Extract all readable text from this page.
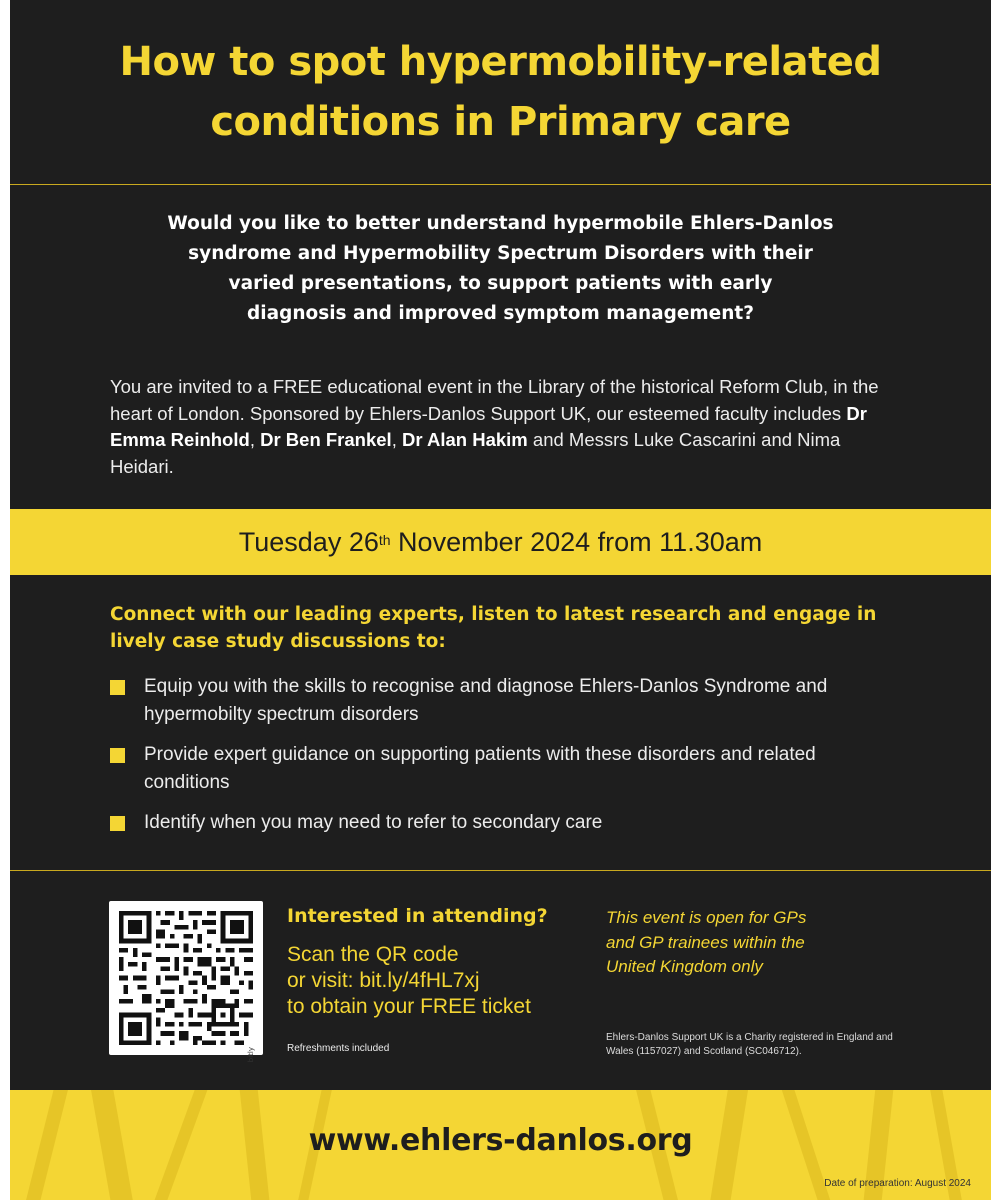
How to spot hypermobility-related
conditions in Primary care
Would you like to better understand hypermobile Ehlers-Danlos
syndrome and Hypermobility Spectrum Disorders with their
varied presentations, to support patients with early
diagnosis and improved symptom management?

You are invited to a FREE educational event in the Library of the historical Reform Club, in the heart of London. Sponsored by Ehlers-Danlos Support UK, our esteemed faculty includes Dr Emma Reinhold, Dr Ben Frankel, Dr Alan Hakim and Messrs Luke Cascarini and Nima Heidari.

Tuesday 26th November 2024 from 11.30am
Connect with our leading experts, listen to latest research and engage in lively case study discussions to:
Equip you with the skills to recognise and diagnose Ehlers-Danlos Syndrome and hypermobilty spectrum disorders
Provide expert guidance on supporting patients with these disorders and related conditions
Identify when you may need to refer to secondary care
bitly
Interested in attending?
Scan the QR code
or visit: bit.ly/4fHL7xj
to obtain your FREE ticket
Refreshments included
This event is open for GPs
and GP trainees within the
United Kingdom only
Ehlers-Danlos Support UK is a Charity registered in England and Wales (1157027) and Scotland (SC046712).
www.ehlers-danlos.org
Date of preparation: August 2024
